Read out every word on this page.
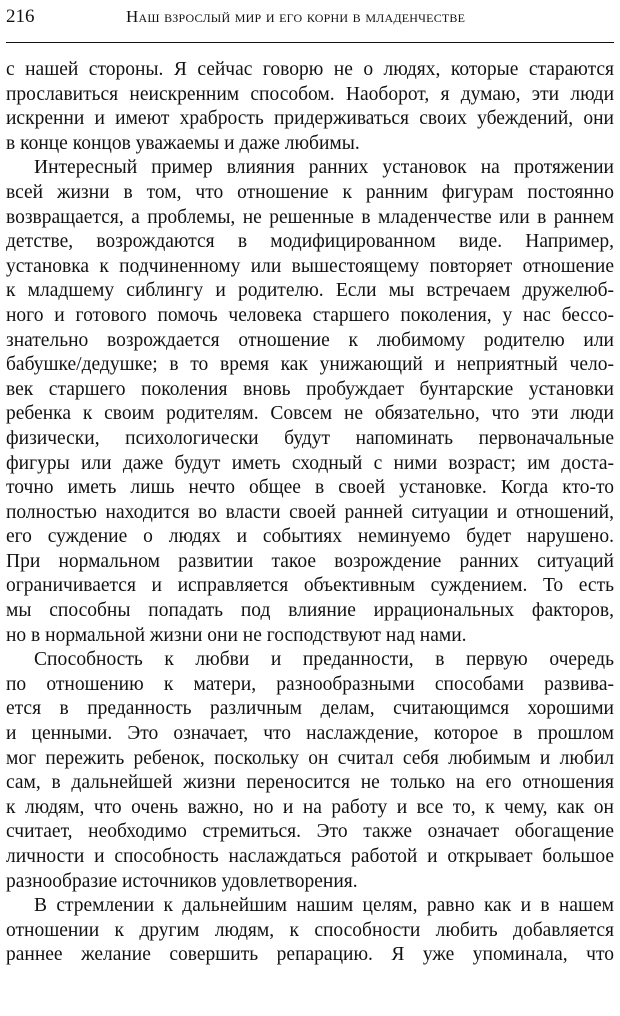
216	Наш взрослый мир и его корни в младенчестве
с нашей стороны. Я сейчас говорю не о людях, которые стараются
прославиться неискренним способом. Наоборот, я думаю, эти люди
искренни и имеют храбрость придерживаться своих убеждений, они
в конце концов уважаемы и даже любимы.
Интересный пример влияния ранних установок на протяжении
всей жизни в том, что отношение к ранним фигурам постоянно
возвращается, а проблемы, не решенные в младенчестве или в раннем
детстве, возрождаются в модифицированном виде. Например,
установка к подчиненному или вышестоящему повторяет отношение
к младшему сиблингу и родителю. Если мы встречаем дружелюб-
ного и готового помочь человека старшего поколения, у нас бессо-
знательно возрождается отношение к любимому родителю или
бабушке/дедушке; в то время как унижающий и неприятный чело-
век старшего поколения вновь пробуждает бунтарские установки
ребенка к своим родителям. Совсем не обязательно, что эти люди
физически, психологически будут напоминать первоначальные
фигуры или даже будут иметь сходный с ними возраст; им доста-
точно иметь лишь нечто общее в своей установке. Когда кто-то
полностью находится во власти своей ранней ситуации и отношений,
его суждение о людях и событиях неминуемо будет нарушено.
При нормальном развитии такое возрождение ранних ситуаций
ограничивается и исправляется объективным суждением. То есть
мы способны попадать под влияние иррациональных факторов,
но в нормальной жизни они не господствуют над нами.
Способность к любви и преданности, в первую очередь
по отношению к матери, разнообразными способами развива-
ется в преданность различным делам, считающимся хорошими
и ценными. Это означает, что наслаждение, которое в прошлом
мог пережить ребенок, поскольку он считал себя любимым и любил
сам, в дальнейшей жизни переносится не только на его отношения
к людям, что очень важно, но и на работу и все то, к чему, как он
считает, необходимо стремиться. Это также означает обогащение
личности и способность наслаждаться работой и открывает большое
разнообразие источников удовлетворения.
В стремлении к дальнейшим нашим целям, равно как и в нашем
отношении к другим людям, к способности любить добавляется
раннее желание совершить репарацию. Я уже упоминала, что
